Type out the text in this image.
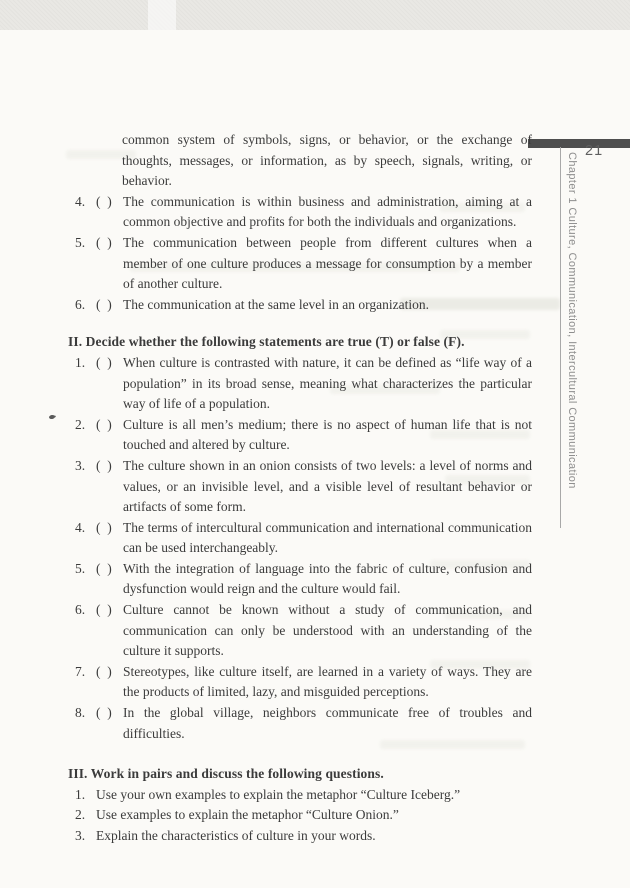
21
Chapter 1 Culture, Communication, Intercultural Communication

common system of symbols, signs, or behavior, or the exchange of thoughts, messages, or information, as by speech, signals, writing, or behavior.

4. (  ) The communication is within business and administration, aiming at a common objective and profits for both the individuals and organizations.
5. (  ) The communication between people from different cultures when a member of one culture produces a message for consumption by a member of another culture.
6. (  ) The communication at the same level in an organization.
II. Decide whether the following statements are true (T) or false (F).
1. (  ) When culture is contrasted with nature, it can be defined as “life way of a population” in its broad sense, meaning what characterizes the particular way of life of a population.
2. (  ) Culture is all men’s medium; there is no aspect of human life that is not touched and altered by culture.
3. (  ) The culture shown in an onion consists of two levels: a level of norms and values, or an invisible level, and a visible level of resultant behavior or artifacts of some form.
4. (  ) The terms of intercultural communication and international communication can be used interchangeably.
5. (  ) With the integration of language into the fabric of culture, confusion and dysfunction would reign and the culture would fail.
6. (  ) Culture cannot be known without a study of communication, and communication can only be understood with an understanding of the culture it supports.
7. (  ) Stereotypes, like culture itself, are learned in a variety of ways. They are the products of limited, lazy, and misguided perceptions.
8. (  ) In the global village, neighbors communicate free of troubles and difficulties.
III. Work in pairs and discuss the following questions.
1. Use your own examples to explain the metaphor “Culture Iceberg.”
2. Use examples to explain the metaphor “Culture Onion.”
3. Explain the characteristics of culture in your words.
